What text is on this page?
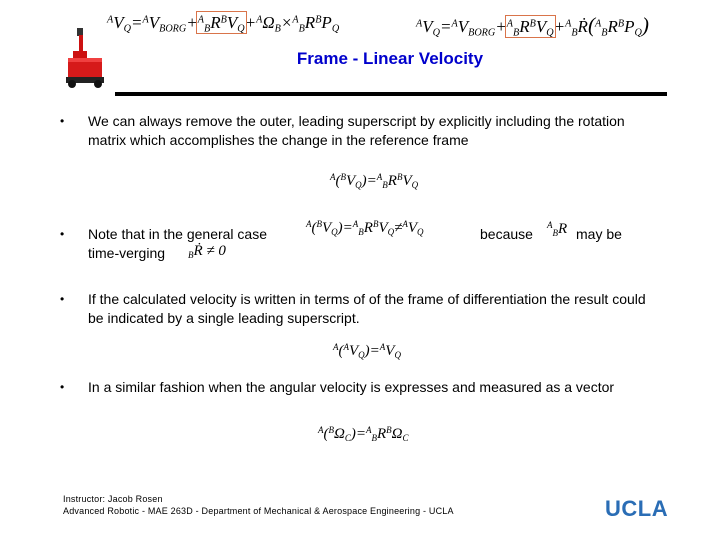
$^AV_Q=^AV_{BORG}+^A_BR^BV_Q+^A\Omega_B\times^A_BR^BP_Q$	$^AV_Q=^AV_{BORG}+^A_BR^BV_Q+^A_BṘ(^A_BR^BP_Q)$
Frame - Linear Velocity
• We can always remove the outer, leading superscript by explicitly including the rotation matrix which accomplishes the change in the reference frame
$^A(^BV_Q)=^A_BR^BV_Q$
• Note that in the general case
time-verging	$_B$Ṙ ≠ 0
$^A(^BV_Q)=^A_BR^BV_Q\ne^AV_Q$	because
$^A_B$R may be
• If the calculated velocity is written in terms of of the frame of differentiation the result could be indicated by a single leading superscript.
$^A(^AV_Q)=^AV_Q$
• In a similar fashion when the angular velocity is expresses and measured as a vector
$^A(^B\Omega_C)=^A_BR^B\Omega_C$
Instructor: Jacob Rosen
Advanced Robotic - MAE 263D - Department of Mechanical & Aerospace Engineering - UCLA	UCLA
